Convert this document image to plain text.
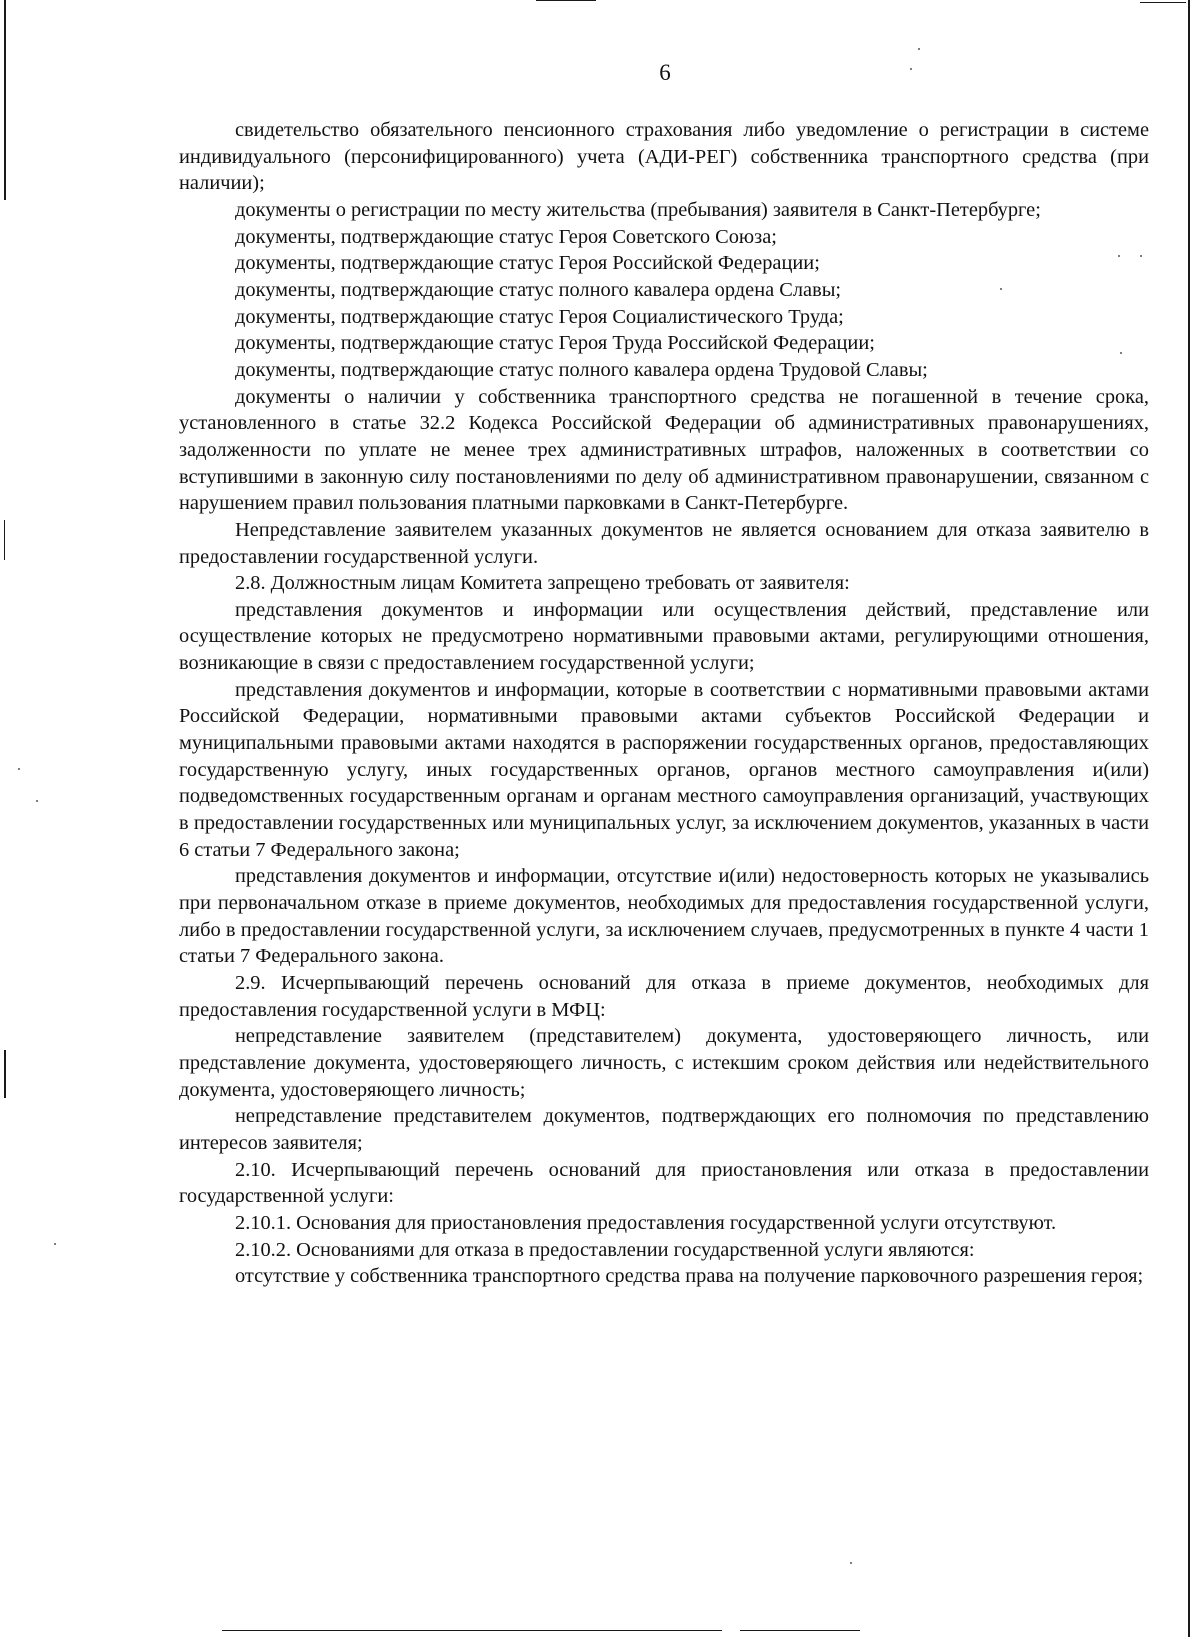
6

свидетельство обязательного пенсионного страхования либо уведомление о регистрации в системе индивидуального (персонифицированного) учета (АДИ-РЕГ) собственника транспортного средства (при наличии);

документы о регистрации по месту жительства (пребывания) заявителя в Санкт-Петербурге;

документы, подтверждающие статус Героя Советского Союза;

документы, подтверждающие статус Героя Российской Федерации;

документы, подтверждающие статус полного кавалера ордена Славы;

документы, подтверждающие статус Героя Социалистического Труда;

документы, подтверждающие статус Героя Труда Российской Федерации;

документы, подтверждающие статус полного кавалера ордена Трудовой Славы;

документы о наличии у собственника транспортного средства не погашенной в течение срока, установленного в статье 32.2 Кодекса Российской Федерации об административных правонарушениях, задолженности по уплате не менее трех административных штрафов, наложенных в соответствии со вступившими в законную силу постановлениями по делу об административном правонарушении, связанном с нарушением правил пользования платными парковками в Санкт-Петербурге.

Непредставление заявителем указанных документов не является основанием для отказа заявителю в предоставлении государственной услуги.

2.8. Должностным лицам Комитета запрещено требовать от заявителя:

представления документов и информации или осуществления действий, представление или осуществление которых не предусмотрено нормативными правовыми актами, регулирующими отношения, возникающие в связи с предоставлением государственной услуги;

представления документов и информации, которые в соответствии с нормативными правовыми актами Российской Федерации, нормативными правовыми актами субъектов Российской Федерации и муниципальными правовыми актами находятся в распоряжении государственных органов, предоставляющих государственную услугу, иных государственных органов, органов местного самоуправления и(или) подведомственных государственным органам и органам местного самоуправления организаций, участвующих в предоставлении государственных или муниципальных услуг, за исключением документов, указанных в части 6 статьи 7 Федерального закона;

представления документов и информации, отсутствие и(или) недостоверность которых не указывались при первоначальном отказе в приеме документов, необходимых для предоставления государственной услуги, либо в предоставлении государственной услуги, за исключением случаев, предусмотренных в пункте 4 части 1 статьи 7 Федерального закона.

2.9. Исчерпывающий перечень оснований для отказа в приеме документов, необходимых для предоставления государственной услуги в МФЦ:

непредставление заявителем (представителем) документа, удостоверяющего личность, или представление документа, удостоверяющего личность, с истекшим сроком действия или недействительного документа, удостоверяющего личность;

непредставление представителем документов, подтверждающих его полномочия по представлению интересов заявителя;

2.10. Исчерпывающий перечень оснований для приостановления или отказа в предоставлении государственной услуги:

2.10.1. Основания для приостановления предоставления государственной услуги отсутствуют.

2.10.2. Основаниями для отказа в предоставлении государственной услуги являются:

отсутствие у собственника транспортного средства права на получение парковочного разрешения героя;
